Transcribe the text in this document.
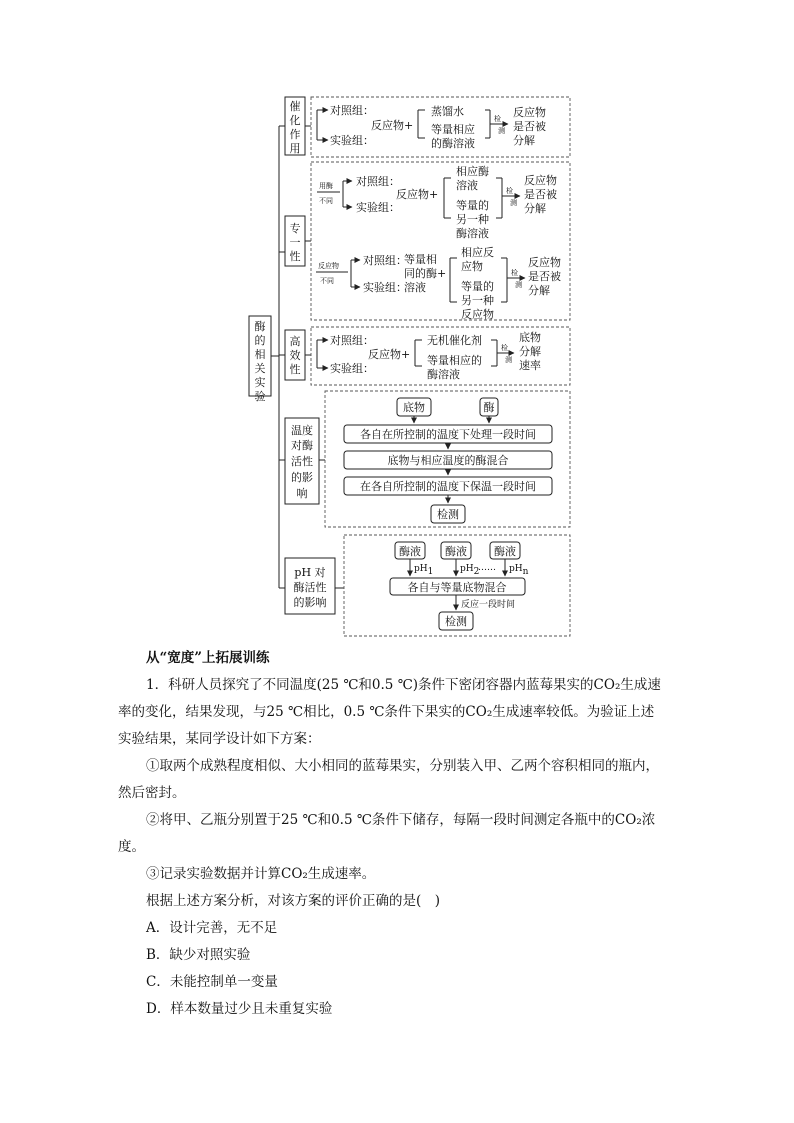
酶
的
相
关
实
验
催
化
作
用
对照组：
实验组：
反应物+
蒸馏水
等量相应
的酶溶液
检
测
反应物
是否被
分解
专
一
性
用酶
不同
对照组：
实验组：
反应物+
相应酶
溶液
等量的
另一种
酶溶液
检
测
反应物
是否被
分解
反应物
不同
对照组：
实验组：
等量相
同的酶+
溶液
相应反
应物
等量的
另一种
反应物
检
测
反应物
是否被
分解
高
效
性
对照组：
实验组：
反应物+
无机催化剂
等量相应的
酶溶液
检
测
底物
分解
速率
温度
对酶
活性
的影
响
底物	酶
各自在所控制的温度下处理一段时间
底物与相应温度的酶混合
在各自所控制的温度下保温一段时间
检测
pH 对
酶活性
的影响
酶液 酶液 酶液
pH1	pH2
…… pHn
各自与等量底物混合
反应一段时间
检测

从“宽度”上拓展训练

1．科研人员探究了不同温度(25 ℃和0.5 ℃)条件下密闭容器内蓝莓果实的CO₂生成速

率的变化，结果发现，与25 ℃相比，0.5 ℃条件下果实的CO₂生成速率较低。为验证上述

实验结果，某同学设计如下方案：

①取两个成熟程度相似、大小相同的蓝莓果实，分别装入甲、乙两个容积相同的瓶内，

然后密封。

②将甲、乙瓶分别置于25 ℃和0.5 ℃条件下储存，每隔一段时间测定各瓶中的CO₂浓

度。

③记录实验数据并计算CO₂生成速率。

根据上述方案分析，对该方案的评价正确的是(　)

A．设计完善，无不足

B．缺少对照实验

C．未能控制单一变量

D．样本数量过少且未重复实验
